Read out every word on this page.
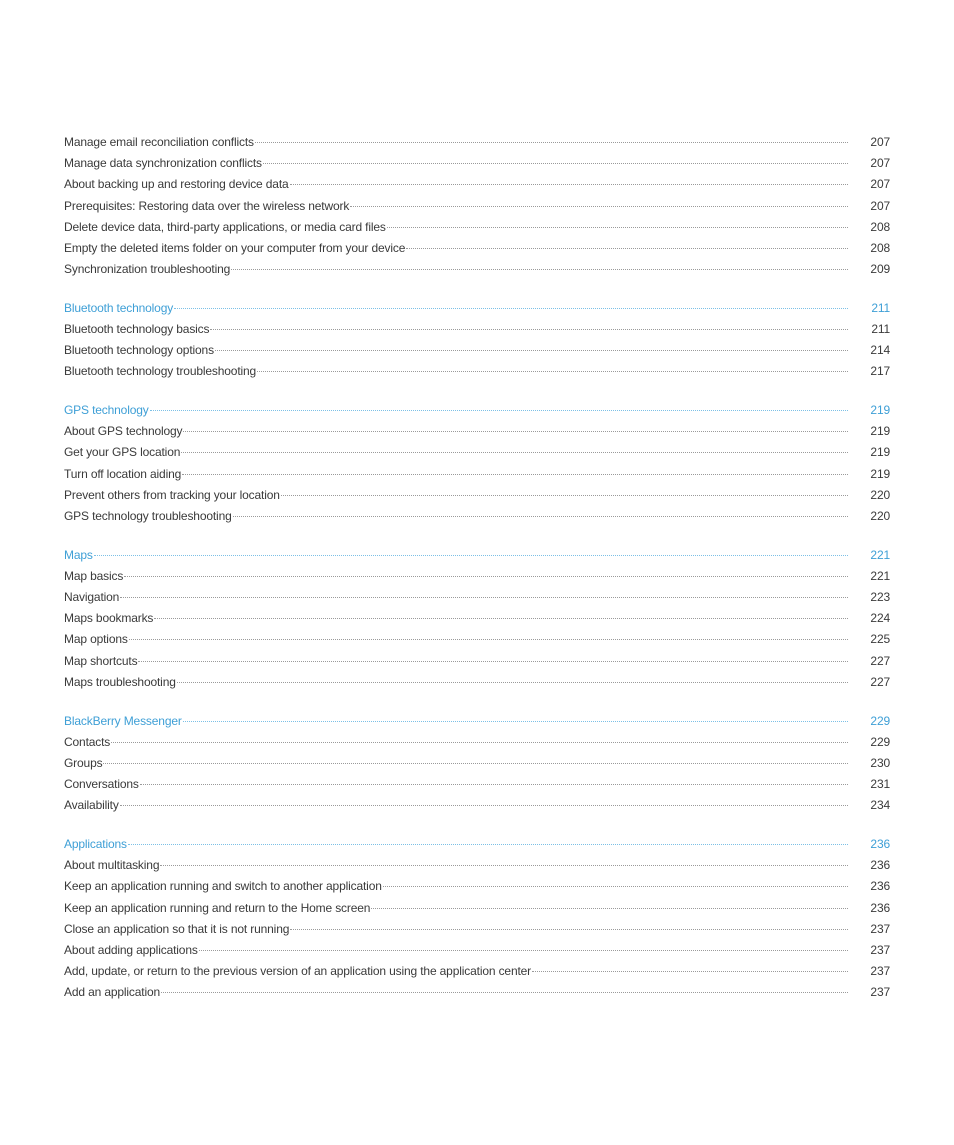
Manage email reconciliation conflicts	207
Manage data synchronization conflicts	207
About backing up and restoring device data	207
Prerequisites: Restoring data over the wireless network	207
Delete device data, third-party applications, or media card files	208
Empty the deleted items folder on your computer from your device	208
Synchronization troubleshooting	209
Bluetooth technology	211
Bluetooth technology basics	211
Bluetooth technology options	214
Bluetooth technology troubleshooting	217
GPS technology	219
About GPS technology	219
Get your GPS location	219
Turn off location aiding	219
Prevent others from tracking your location	220
GPS technology troubleshooting	220
Maps	221
Map basics	221
Navigation	223
Maps bookmarks	224
Map options	225
Map shortcuts	227
Maps troubleshooting	227
BlackBerry Messenger	229
Contacts	229
Groups	230
Conversations	231
Availability	234
Applications	236
About multitasking	236
Keep an application running and switch to another application	236
Keep an application running and return to the Home screen	236
Close an application so that it is not running	237
About adding applications	237
Add, update, or return to the previous version of an application using the application center	237
Add an application	237
